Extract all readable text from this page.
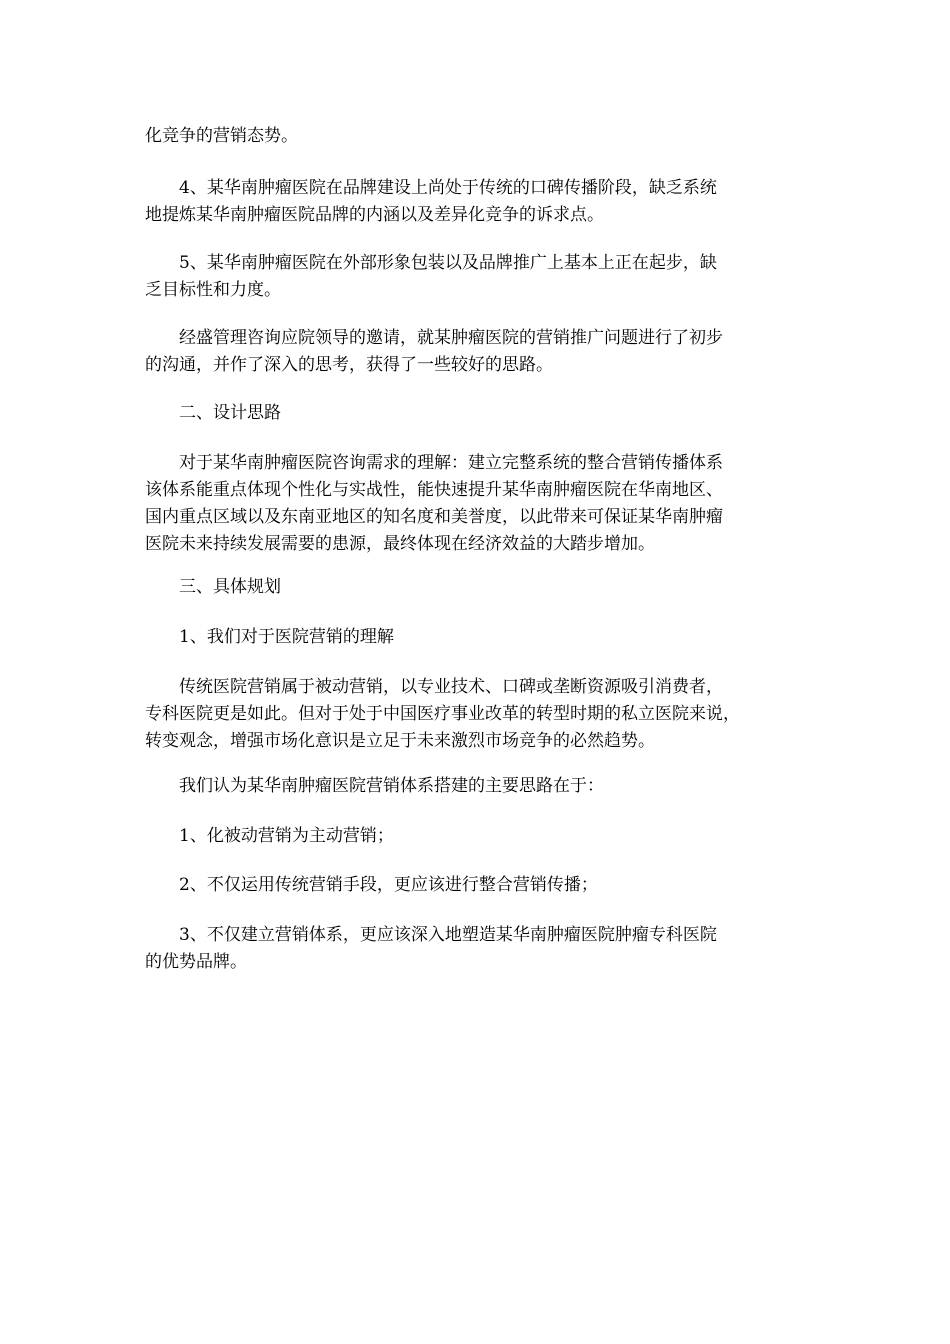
化竞争的营销态势。

　　4、某华南肿瘤医院在品牌建设上尚处于传统的口碑传播阶段，缺乏系统
地提炼某华南肿瘤医院品牌的内涵以及差异化竞争的诉求点。

　　5、某华南肿瘤医院在外部形象包装以及品牌推广上基本上正在起步，缺
乏目标性和力度。

　　经盛管理咨询应院领导的邀请，就某肿瘤医院的营销推广问题进行了初步
的沟通，并作了深入的思考，获得了一些较好的思路。

　　二、设计思路

　　对于某华南肿瘤医院咨询需求的理解：建立完整系统的整合营销传播体系
该体系能重点体现个性化与实战性，能快速提升某华南肿瘤医院在华南地区、
国内重点区域以及东南亚地区的知名度和美誉度，以此带来可保证某华南肿瘤
医院未来持续发展需要的患源，最终体现在经济效益的大踏步增加。

　　三、具体规划

　　1、我们对于医院营销的理解

　　传统医院营销属于被动营销，以专业技术、口碑或垄断资源吸引消费者，
专科医院更是如此。但对于处于中国医疗事业改革的转型时期的私立医院来说，
转变观念，增强市场化意识是立足于未来激烈市场竞争的必然趋势。

　　我们认为某华南肿瘤医院营销体系搭建的主要思路在于：

　　1、化被动营销为主动营销；

　　2、不仅运用传统营销手段，更应该进行整合营销传播；

　　3、不仅建立营销体系，更应该深入地塑造某华南肿瘤医院肿瘤专科医院
的优势品牌。
